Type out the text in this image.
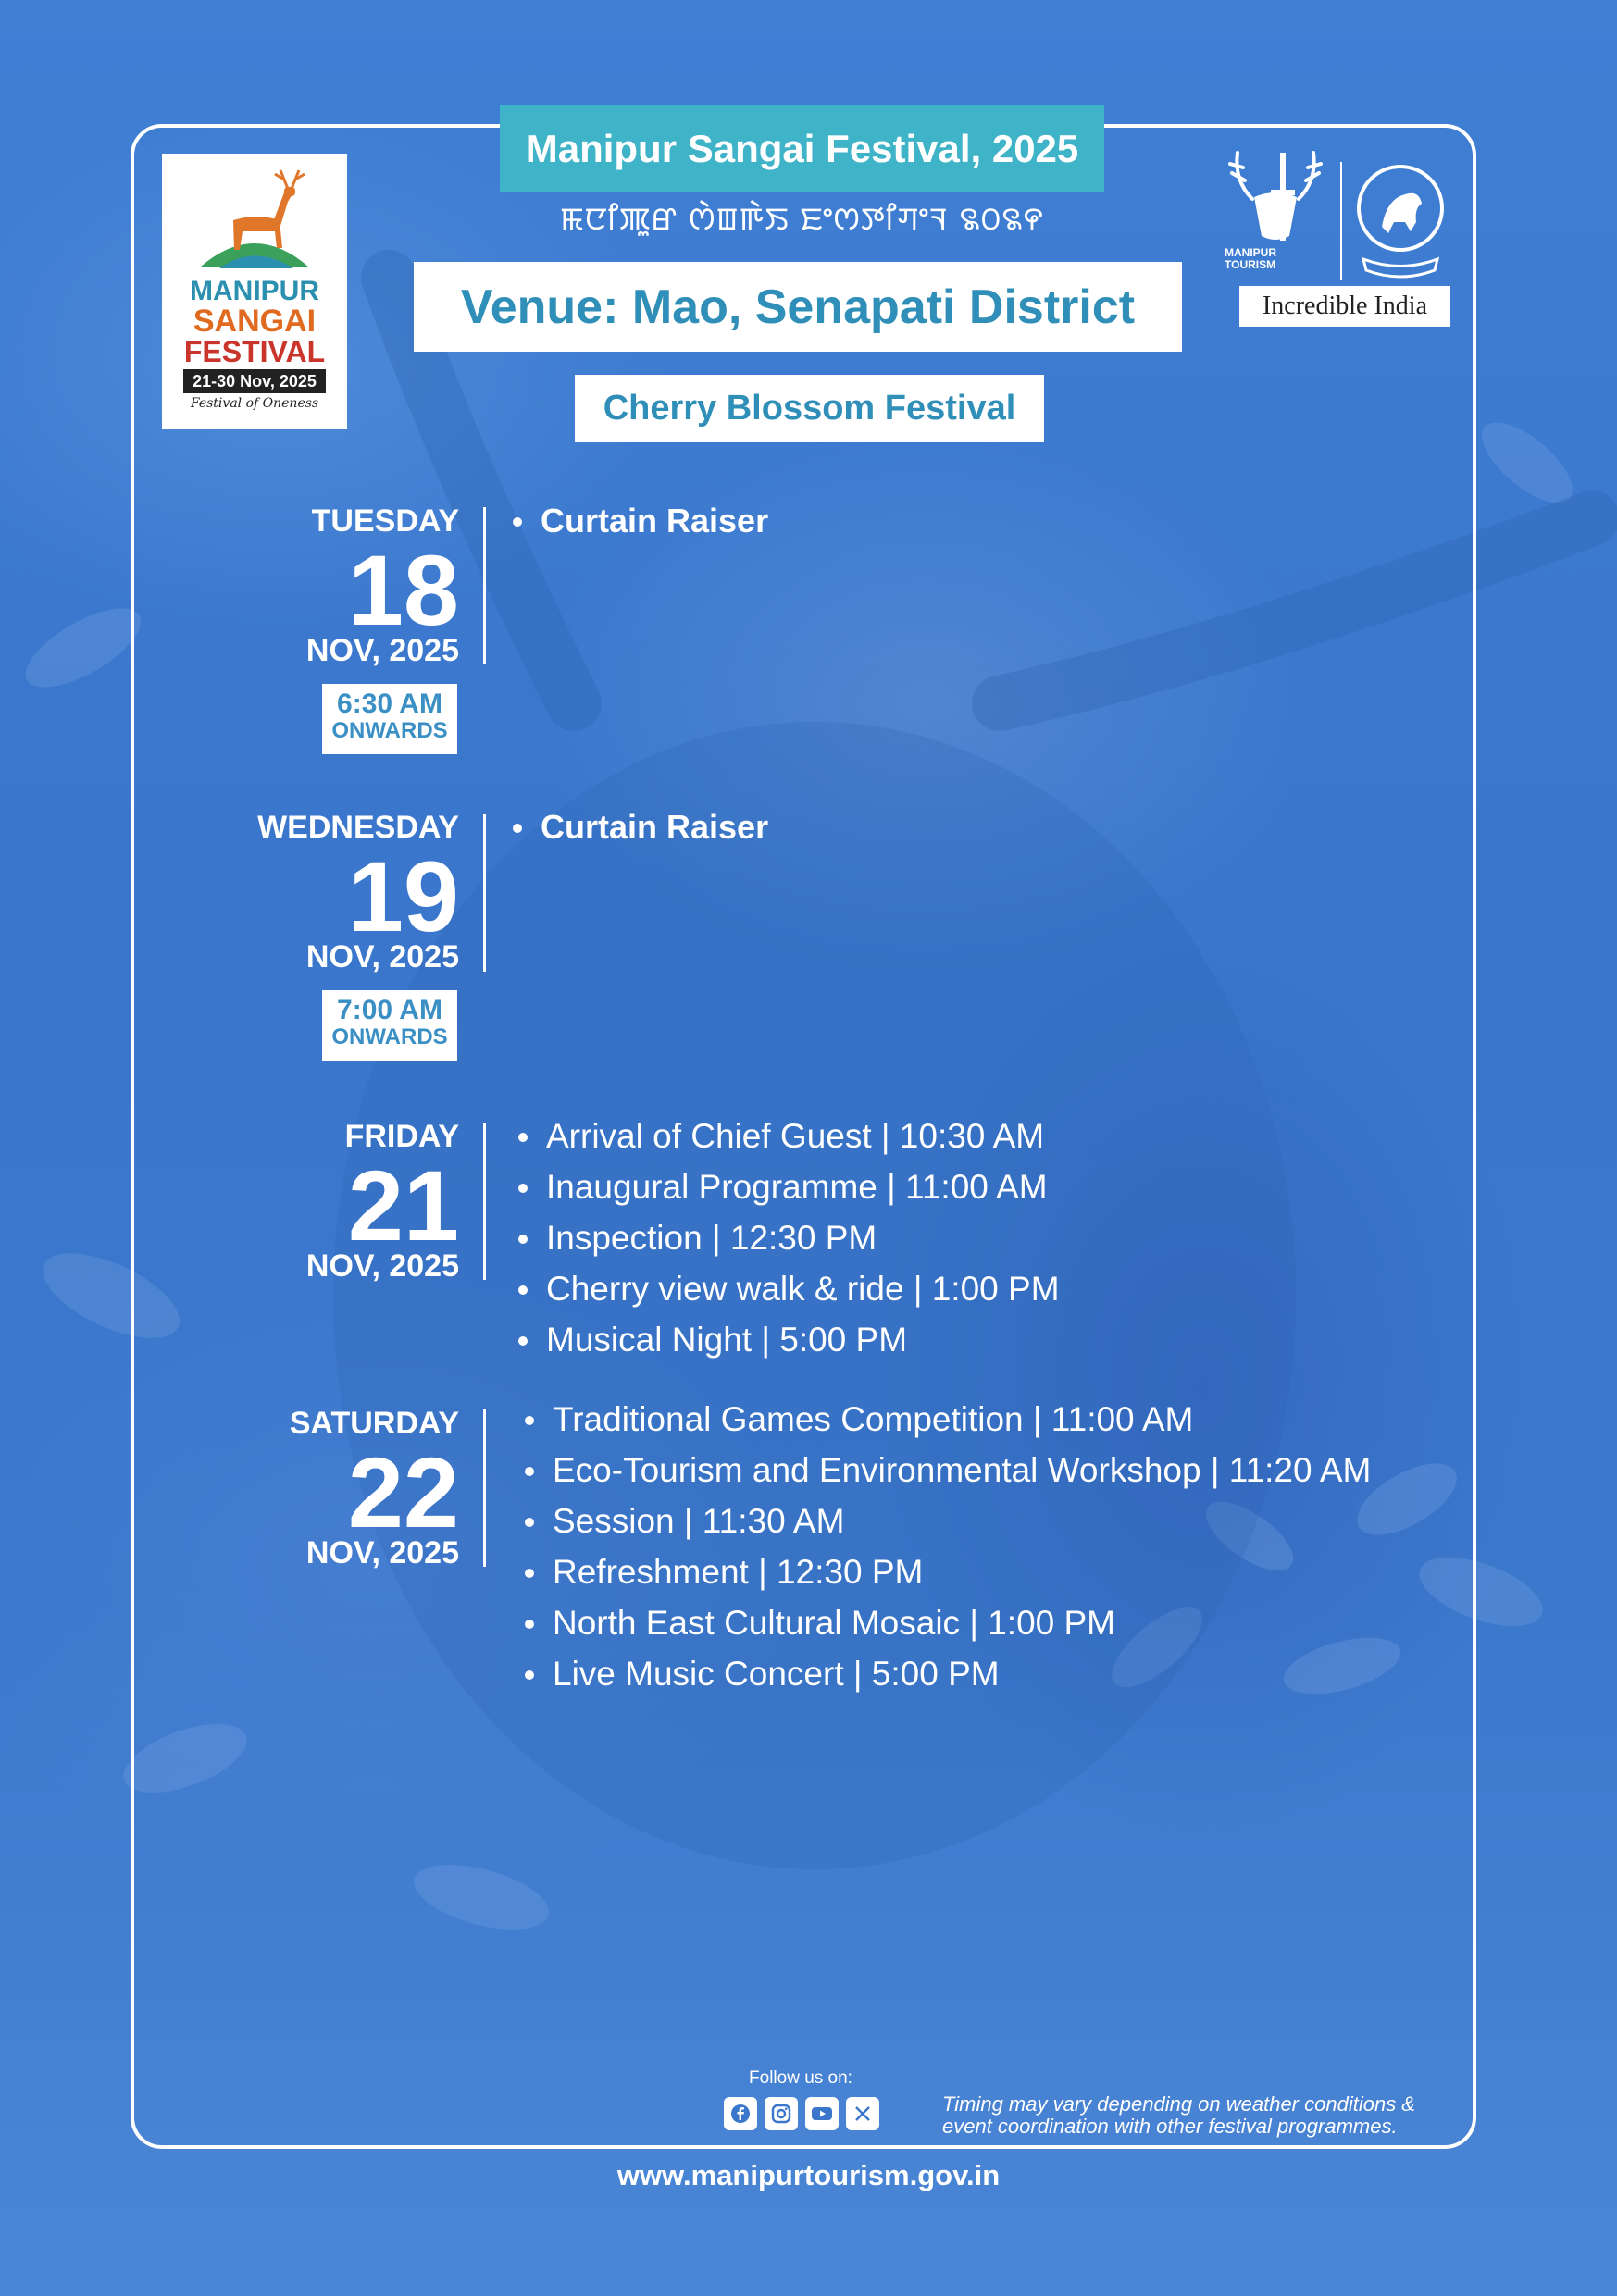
MANIPUR
SANGAI
FESTIVAL
21-30 Nov, 2025
Festival of Oneness
Manipur Sangai Festival, 2025
ꯃꯅꯤꯄꯨꯔ ꯁꯥꯡꯒꯥꯏ ꯐꯦꯁꯇꯤꯚꯦꯜ ꯲꯰꯲꯵
Venue: Mao, Senapati District
Cherry Blossom Festival
MANIPUR
TOURISM
Incredible India
TUESDAY
18
NOV, 2025
6:30 AM
ONWARDS
Curtain Raiser
WEDNESDAY
19
NOV, 2025
7:00 AM
ONWARDS
Curtain Raiser
FRIDAY
21
NOV, 2025
Arrival of Chief Guest | 10:30 AM
Inaugural Programme | 11:00 AM
Inspection | 12:30 PM
Cherry view walk & ride | 1:00 PM
Musical Night | 5:00 PM
SATURDAY
22
NOV, 2025
Traditional Games Competition | 11:00 AM
Eco-Tourism and Environmental Workshop | 11:20 AM
Session | 11:30 AM
Refreshment | 12:30 PM
North East Cultural Mosaic | 1:00 PM
Live Music Concert | 5:00 PM
Follow us on:
Timing may vary depending on weather conditions &
event coordination with other festival programmes.
www.manipurtourism.gov.in
